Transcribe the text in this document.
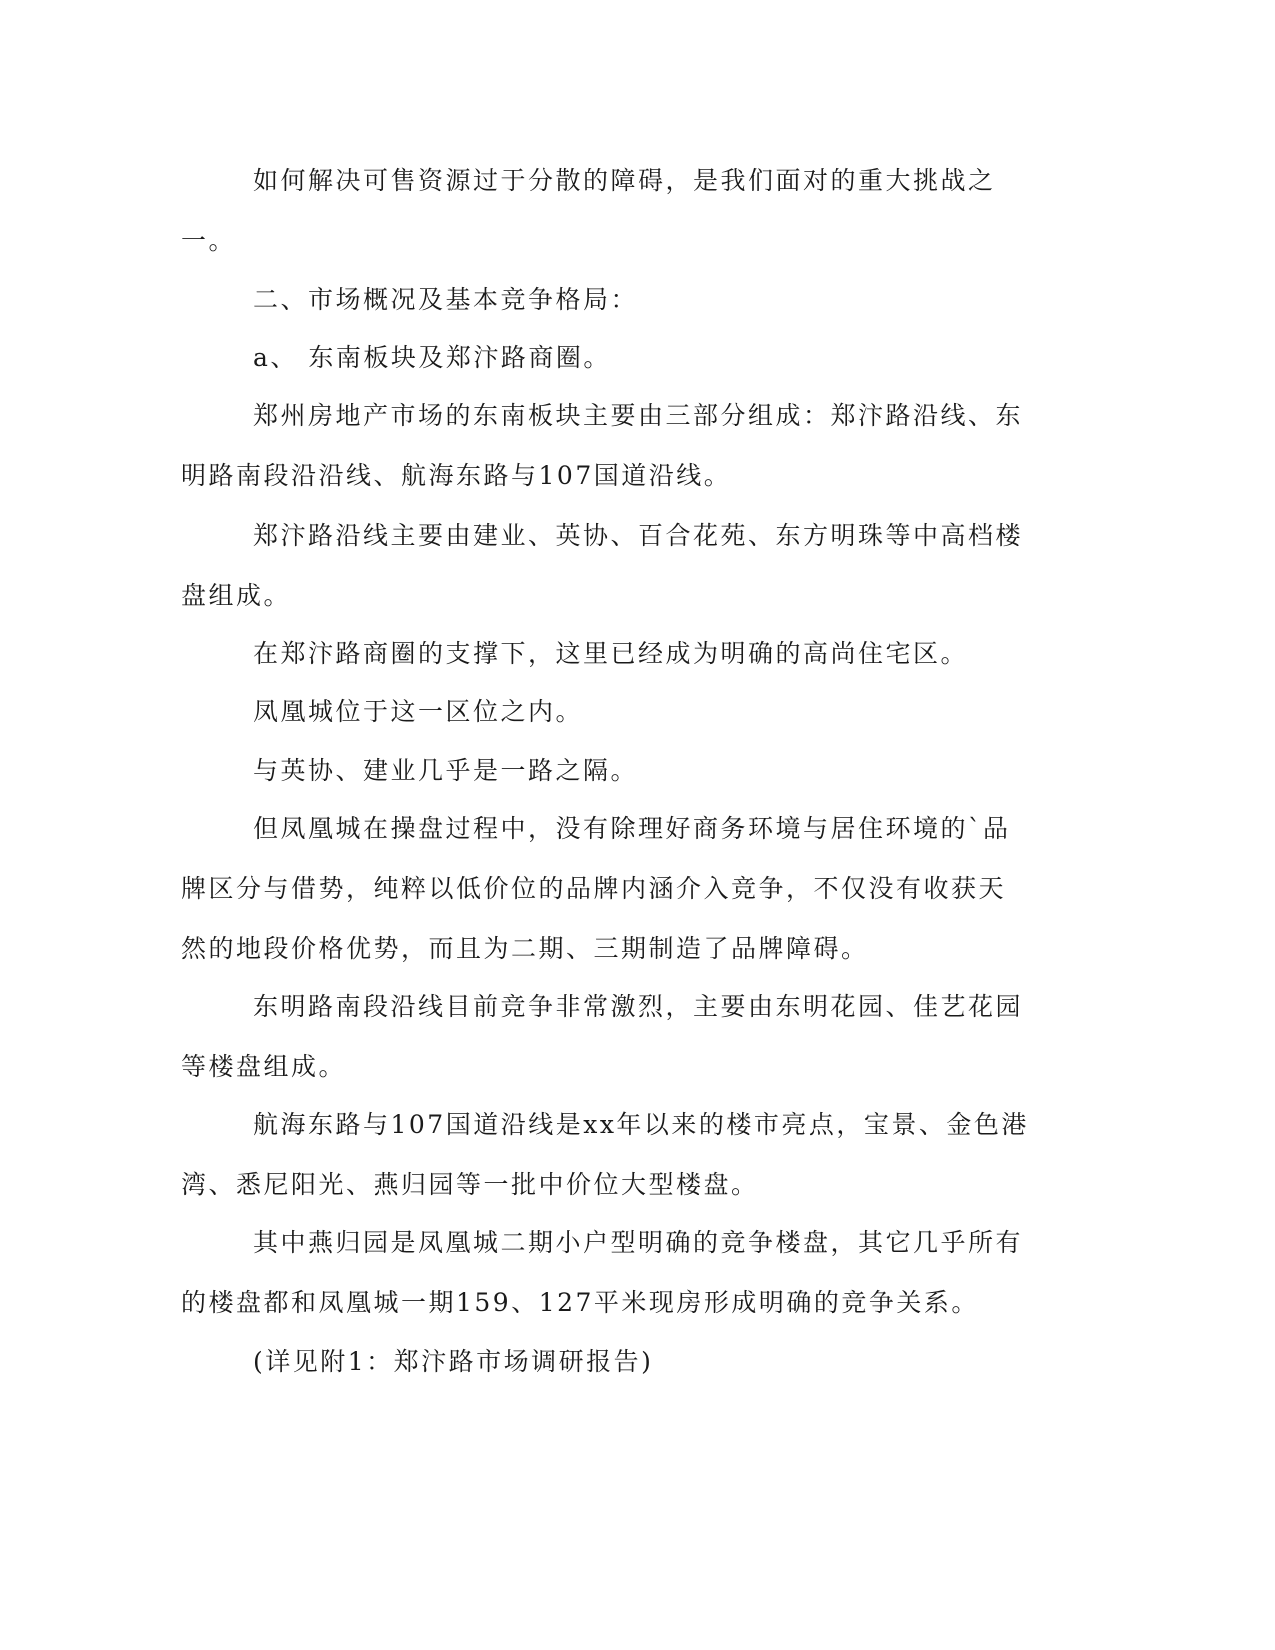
如何解决可售资源过于分散的障碍，是我们面对的重大挑战之一。

二、市场概况及基本竞争格局：

a、 东南板块及郑汴路商圈。

郑州房地产市场的东南板块主要由三部分组成：郑汴路沿线、东明路南段沿沿线、航海东路与107国道沿线。

郑汴路沿线主要由建业、英协、百合花苑、东方明珠等中高档楼盘组成。

在郑汴路商圈的支撑下，这里已经成为明确的高尚住宅区。

凤凰城位于这一区位之内。

与英协、建业几乎是一路之隔。

但凤凰城在操盘过程中，没有除理好商务环境与居住环境的`品牌区分与借势，纯粹以低价位的品牌内涵介入竞争，不仅没有收获天然的地段价格优势，而且为二期、三期制造了品牌障碍。

东明路南段沿线目前竞争非常激烈，主要由东明花园、佳艺花园等楼盘组成。

航海东路与107国道沿线是xx年以来的楼市亮点，宝景、金色港湾、悉尼阳光、燕归园等一批中价位大型楼盘。

其中燕归园是凤凰城二期小户型明确的竞争楼盘，其它几乎所有的楼盘都和凤凰城一期159、127平米现房形成明确的竞争关系。

(详见附1：郑汴路市场调研报告)
